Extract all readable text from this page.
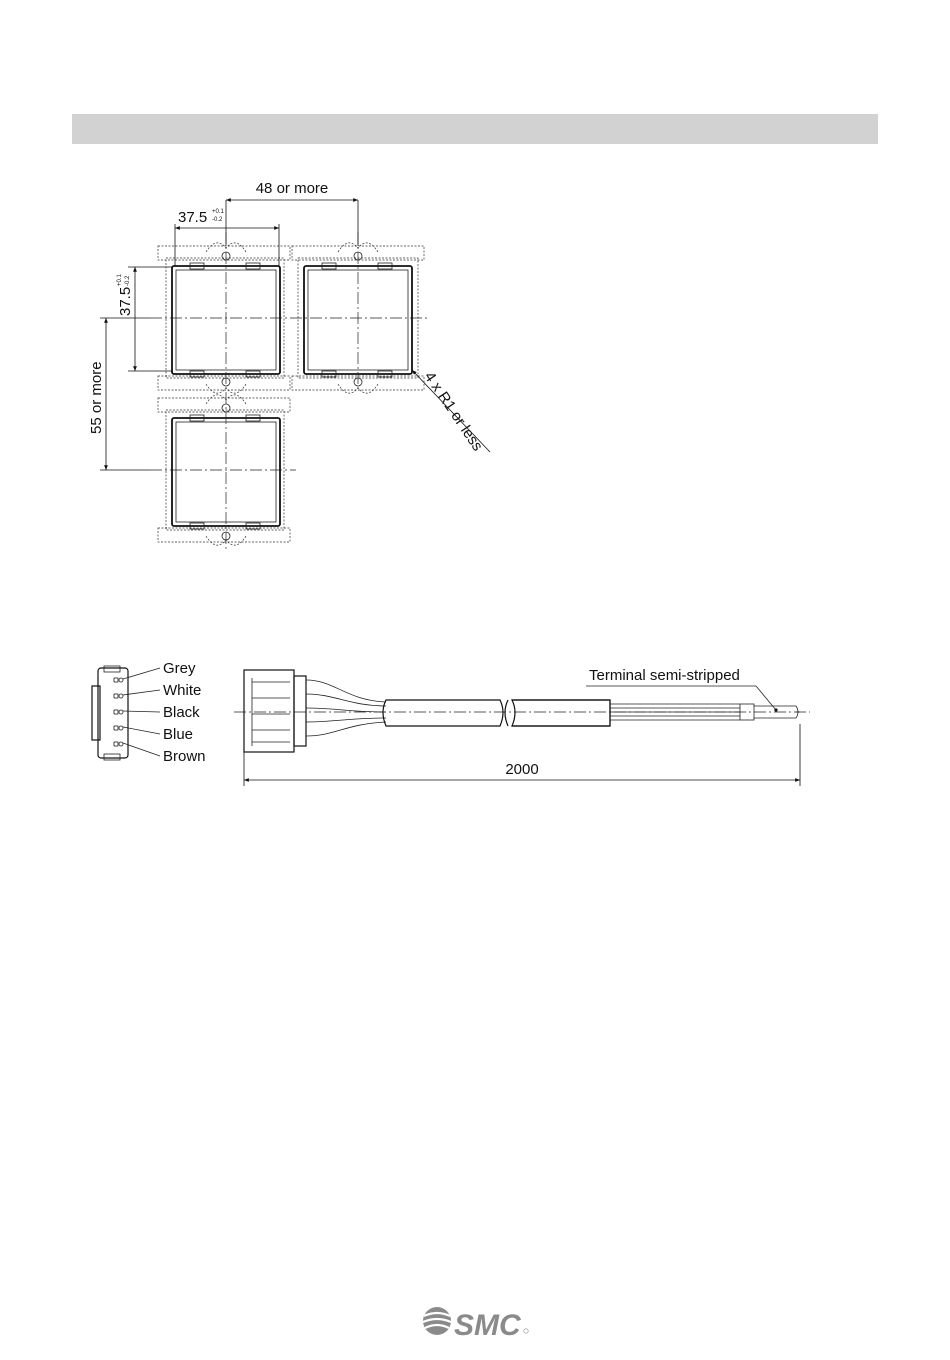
48 or more
37.5 +0.1
-0.2
37.5
+0.1 -0.2
55 or more	4 x R1 or less
Grey
White
Black
Blue
Brown
Terminal semi-stripped
2000
SMC
